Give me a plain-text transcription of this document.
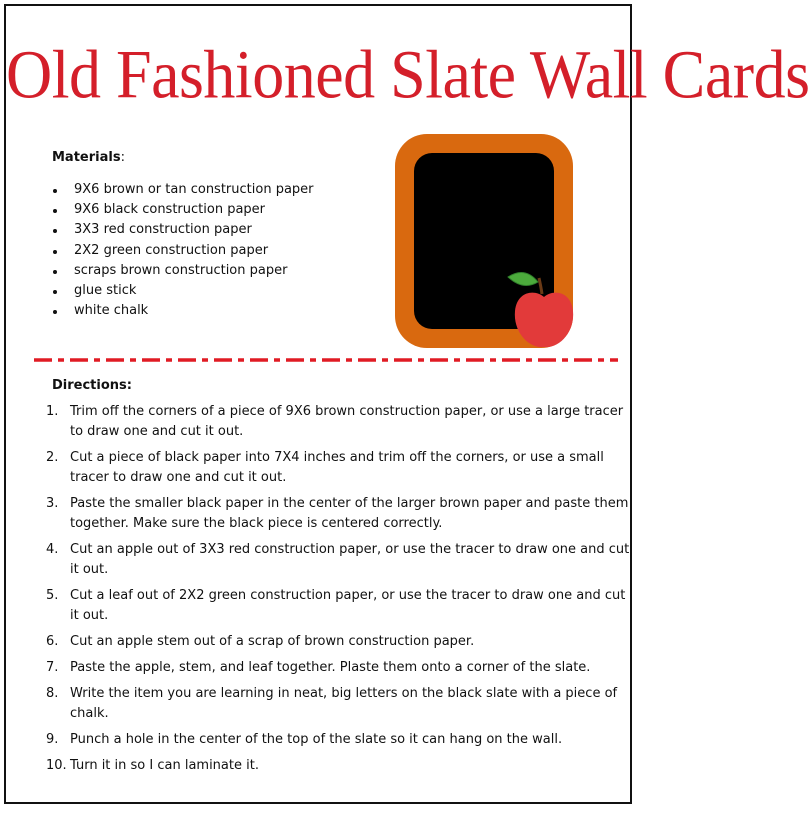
Old Fashioned Slate Wall Cards
Materials:
9X6 brown or tan construction paper
9X6 black construction paper
3X3 red construction paper
2X2 green construction paper
scraps brown construction paper
glue stick
white chalk
Directions:
1. Trim off the corners of a piece of 9X6 brown construction paper, or use a large tracer to draw one and cut it out.
2. Cut a piece of black paper into 7X4 inches and trim off the corners, or use a small tracer to draw one and cut it out.
3. Paste the smaller black paper in the center of the larger brown paper and paste them together. Make sure the black piece is centered correctly.
4. Cut an apple out of 3X3 red construction paper, or use the tracer to draw one and cut it out.
5. Cut a leaf out of 2X2 green construction paper, or use the tracer to draw one and cut it out.
6. Cut an apple stem out of a scrap of brown construction paper.
7. Paste the apple, stem, and leaf together. Plaste them onto a corner of the slate.
8. Write the item you are learning in neat, big letters on the black slate with a piece of chalk.
9. Punch a hole in the center of the top of the slate so it can hang on the wall.
10. Turn it in so I can laminate it.
